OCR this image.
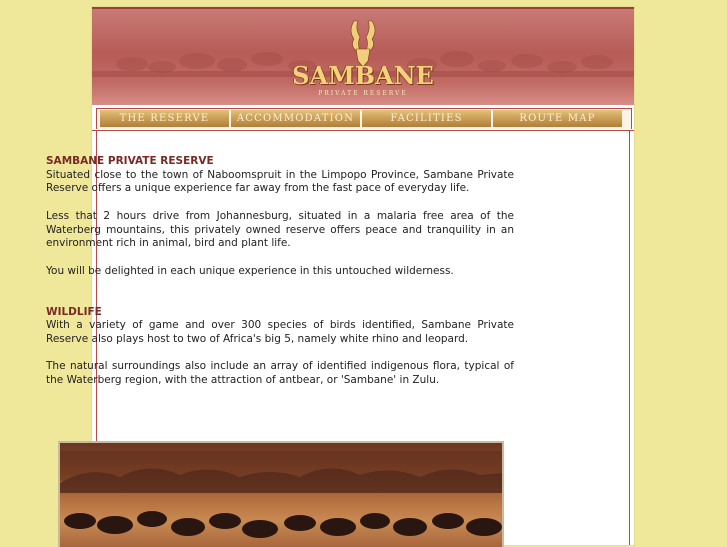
SAMBANE
PRIVATE RESERVE
THE RESERVE	ACCOMMODATION	FACILITIES	ROUTE MAP
SAMBANE PRIVATE RESERVE

Situated close to the town of Naboomspruit in the Limpopo Province, Sambane Private Reserve offers a unique experience far away from the fast pace of everyday life.

Less that 2 hours drive from Johannesburg, situated in a malaria free area of the Waterberg mountains, this privately owned reserve offers peace and tranquility in an environment rich in animal, bird and plant life.

You will be delighted in each unique experience in this untouched wilderness.

WILDLIFE

With a variety of game and over 300 species of birds identified, Sambane Private Reserve also plays host to two of Africa's big 5, namely white rhino and leopard.

The natural surroundings also include an array of identified indigenous flora, typical of the Waterberg region, with the attraction of antbear, or 'Sambane' in Zulu.
